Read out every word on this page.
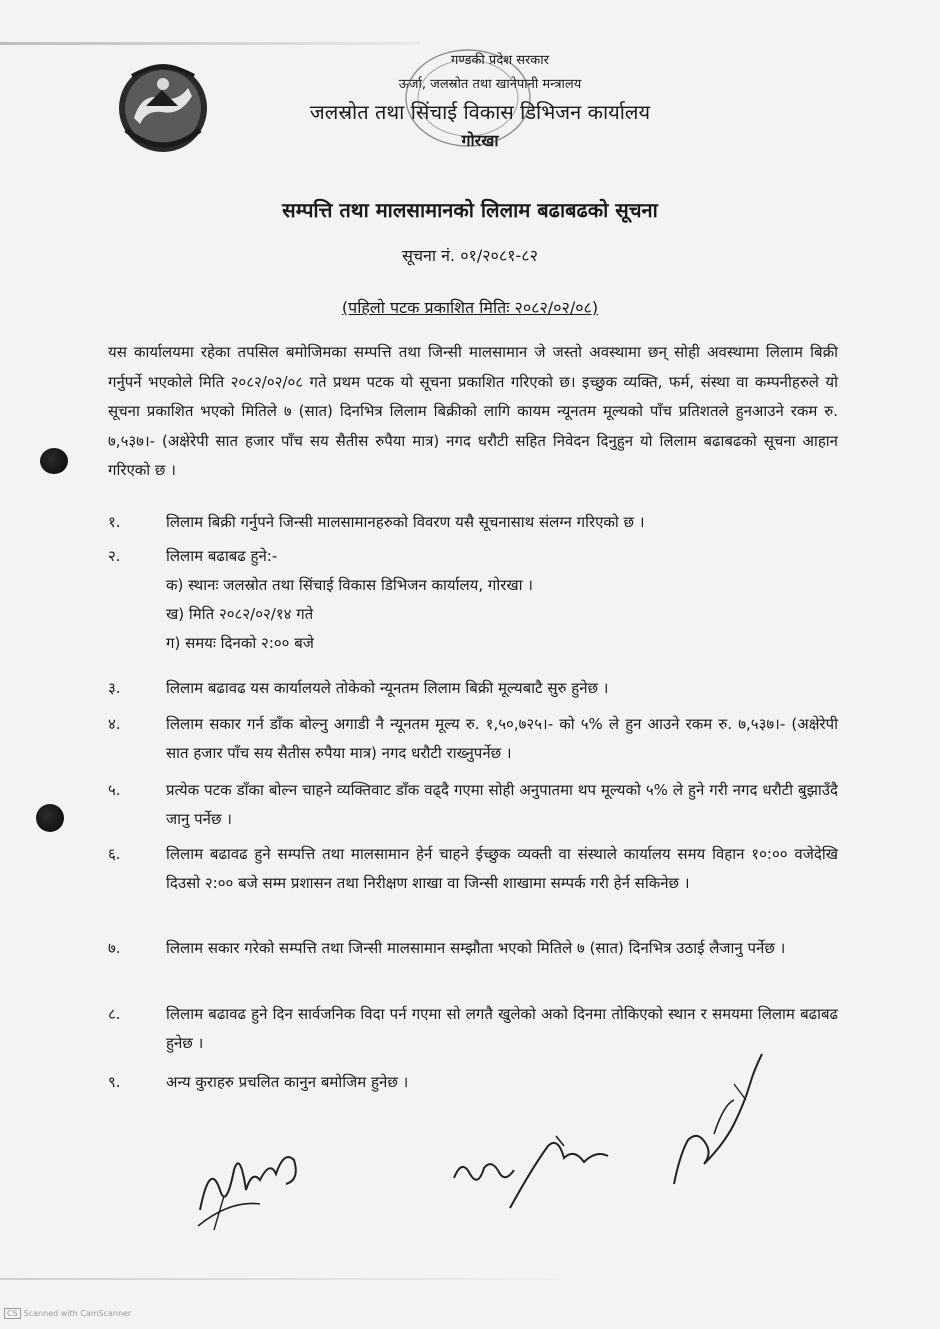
गण्डकी प्रदेश सरकार
ऊर्जा, जलस्रोत तथा खानेपानी मन्त्रालय
जलस्रोत तथा सिंचाई विकास डिभिजन कार्यालय
गोरखा
सम्पत्ति तथा मालसामानको लिलाम बढाबढको सूचना
सूचना नं. ०१/२०८१-८२
(पहिलो पटक प्रकाशित मितिः २०८२/०२/०८)
यस कार्यालयमा रहेका तपसिल बमोजिमका सम्पत्ति तथा जिन्सी मालसामान जे जस्तो अवस्थामा छन् सोही अवस्थामा लिलाम बिक्री गर्नुपर्ने भएकोले मिति २०८२/०२/०८ गते प्रथम पटक यो सूचना प्रकाशित गरिएको छ। इच्छुक व्यक्ति, फर्म, संस्था वा कम्पनीहरुले यो सूचना प्रकाशित भएको मितिले ७ (सात) दिनभित्र लिलाम बिक्रीको लागि कायम न्यूनतम मूल्यको पाँच प्रतिशतले हुनआउने रकम रु. ७,५३७।- (अक्षेरेपी सात हजार पाँच सय सैतीस रुपैया मात्र) नगद धरौटी सहित निवेदन दिनुहुन यो लिलाम बढाबढको सूचना आहान गरिएको छ ।
१.	लिलाम बिक्री गर्नुपने जिन्सी मालसामानहरुको विवरण यसै सूचनासाथ संलग्न गरिएको छ ।
२.	लिलाम बढाबढ हुने:-
क) स्थानः जलस्रोत तथा सिंचाई विकास डिभिजन कार्यालय, गोरखा ।
ख) मिति २०८२/०२/१४ गते
ग) समयः दिनको २:०० बजे
३.	लिलाम बढावढ यस कार्यालयले तोकेको न्यूनतम लिलाम बिक्री मूल्यबाटै सुरु हुनेछ ।
४.	लिलाम सकार गर्न डाँक बोल्नु अगाडी नै न्यूनतम मूल्य रु. १,५०,७२५।- को ५% ले हुन आउने रकम रु. ७,५३७।- (अक्षेरेपी सात हजार पाँच सय सैतीस रुपैया मात्र) नगद धरौटी राख्नुपर्नेछ ।
५.	प्रत्येक पटक डाँका बोल्न चाहने व्यक्तिवाट डाँक वढ्दै गएमा सोही अनुपातमा थप मूल्यको ५% ले हुने गरी नगद धरौटी बुझाउँदै जानु पर्नेछ ।
६.	लिलाम बढावढ हुने सम्पत्ति तथा मालसामान हेर्न चाहने ईच्छुक व्यक्ती वा संस्थाले कार्यालय समय विहान १०:०० वजेदेखि दिउसो २:०० बजे सम्म प्रशासन तथा निरीक्षण शाखा वा जिन्सी शाखामा सम्पर्क गरी हेर्न सकिनेछ ।
७.	लिलाम सकार गरेको सम्पत्ति तथा जिन्सी मालसामान सम्झौता भएको मितिले ७ (सात) दिनभित्र उठाई लैजानु पर्नेछ ।
८.	लिलाम बढावढ हुने दिन सार्वजनिक विदा पर्न गएमा सो लगतै खुलेको अको दिनमा तोकिएको स्थान र समयमा लिलाम बढाबढ हुनेछ ।
९.	अन्य कुराहरु प्रचलित कानुन बमोजिम हुनेछ ।
CS Scanned with CamScanner
